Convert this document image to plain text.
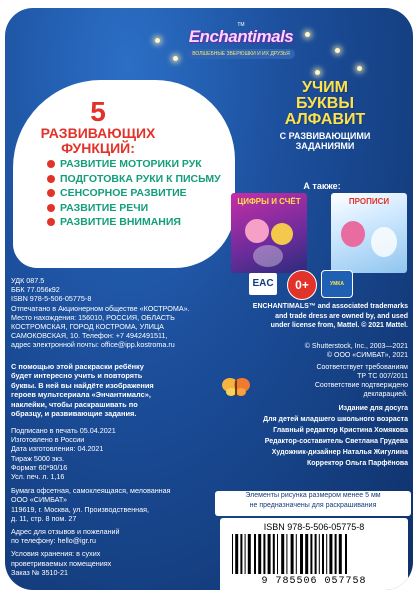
TM
Enchantimals
ВОЛШЕБНЫЕ ЗВЕРЮШКИ И ИХ ДРУЗЬЯ
5
РАЗВИВАЮЩИХ
ФУНКЦИЙ:
РАЗВИТИЕ МОТОРИКИ РУК
ПОДГОТОВКА РУКИ К ПИСЬМУ
СЕНСОРНОЕ РАЗВИТИЕ
РАЗВИТИЕ РЕЧИ
РАЗВИТИЕ ВНИМАНИЯ
УЧИМ
БУКВЫ
АЛФАВИТ
С РАЗВИВАЮЩИМИ
ЗАДАНИЯМИ
А также:
ЦИФРЫ И СЧЁТ	ПРОПИСИ
УДК 087.5
ББК 77.056к92
ISBN 978-5-506-05775-8
Отпечатано в Акционерном обществе «КОСТРОМА».
Место нахождения: 156010, РОССИЯ, ОБЛАСТЬ
КОСТРОМСКАЯ, ГОРОД КОСТРОМА, УЛИЦА
САМОКОВСКАЯ, 10. Телефон: +7 4942491511,
адрес электронной почты: office@ipp.kostroma.ru
EAC	0+	УМКА
ENCHANTIMALS™ and associated trademarks
and trade dress are owned by, and used
under license from, Mattel. © 2021 Mattel.
© Shutterstock, Inc., 2003—2021
© ООО «СИМБАТ», 2021
Соответствует требованиям
ТР ТС 007/2011
Соответствие подтверждено
декларацией.
С помощью этой раскраски ребёнку
будет интересно учить и повторять
буквы. В ней вы найдёте изображения
героев мультсериала «Энчантималс»,
наклейки, чтобы раскрашивать по
образцу, и развивающие задания.
Подписано в печать 05.04.2021
Изготовлено в России
Дата изготовления: 04.2021
Тираж 5000 экз.
Формат 60*90/16
Усл. печ. л. 1,16
Бумага офсетная, самоклеящаяся, мелованная
ООО «СИМБАТ»
119619, г. Москва, ул. Производственная,
д. 11, стр. 8 пом. 27
Адрес для отзывов и пожеланий
по телефону: hello@igr.ru
Условия хранения: в сухих
проветриваемых помещениях
Заказ № 3510-21
Издание для досуга
Для детей младшего школьного возраста
Главный редактор Кристина Хомякова
Редактор-составитель Светлана Грудева
Художник-дизайнер Наталья Жигулина
Корректор Ольга Парфёнова
Элементы рисунка размером менее 5 мм
не предназначены для раскрашивания
ISBN 978-5-506-05775-8
9 785506 057758
